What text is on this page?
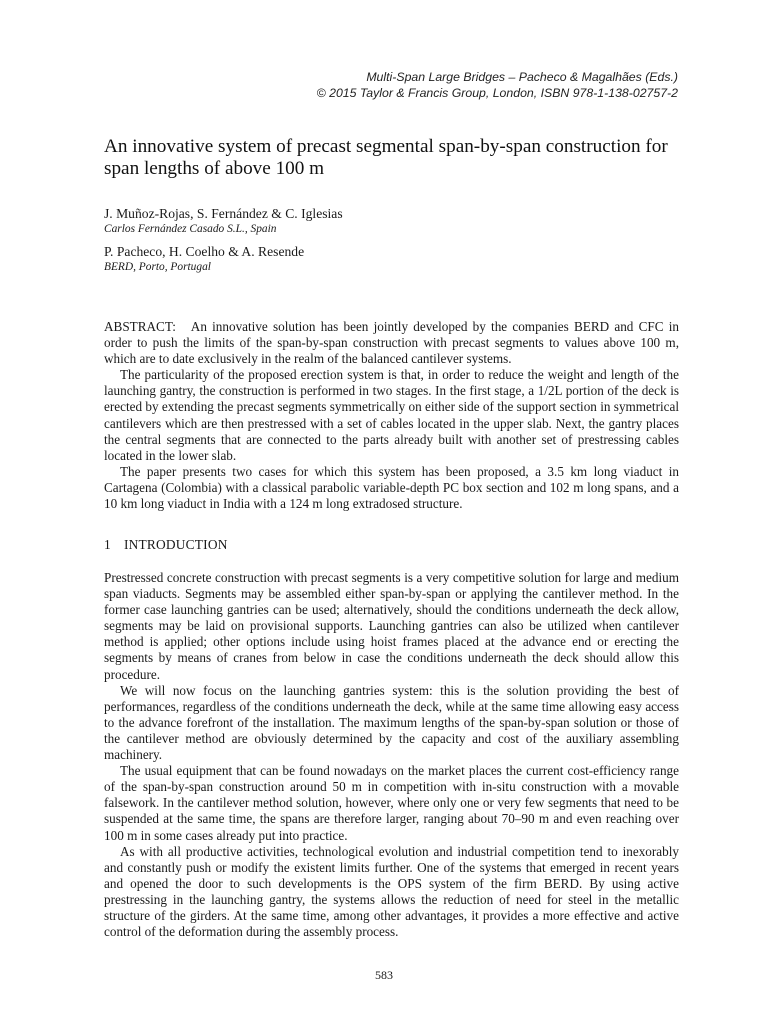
Multi-Span Large Bridges – Pacheco & Magalhães (Eds.)
© 2015 Taylor & Francis Group, London, ISBN 978-1-138-02757-2
An innovative system of precast segmental span-by-span construction for span lengths of above 100 m
J. Muñoz-Rojas, S. Fernández & C. Iglesias
Carlos Fernández Casado S.L., Spain
P. Pacheco, H. Coelho & A. Resende
BERD, Porto, Portugal

ABSTRACT: An innovative solution has been jointly developed by the companies BERD and CFC in order to push the limits of the span-by-span construction with precast segments to values above 100 m, which are to date exclusively in the realm of the balanced cantilever systems.

The particularity of the proposed erection system is that, in order to reduce the weight and length of the launching gantry, the construction is performed in two stages. In the first stage, a 1/2L portion of the deck is erected by extending the precast segments symmetrically on either side of the support section in symmetrical cantilevers which are then prestressed with a set of cables located in the upper slab. Next, the gantry places the central segments that are connected to the parts already built with another set of prestressing cables located in the lower slab.

The paper presents two cases for which this system has been proposed, a 3.5 km long viaduct in Cartagena (Colombia) with a classical parabolic variable-depth PC box section and 102 m long spans, and a 10 km long viaduct in India with a 124 m long extradosed structure.

1 INTRODUCTION

Prestressed concrete construction with precast segments is a very competitive solution for large and medium span viaducts. Segments may be assembled either span-by-span or applying the cantilever method. In the former case launching gantries can be used; alternatively, should the conditions underneath the deck allow, segments may be laid on provisional supports. Launching gantries can also be utilized when cantilever method is applied; other options include using hoist frames placed at the advance end or erecting the segments by means of cranes from below in case the conditions underneath the deck should allow this procedure.

We will now focus on the launching gantries system: this is the solution providing the best of performances, regardless of the conditions underneath the deck, while at the same time allowing easy access to the advance forefront of the installation. The maximum lengths of the span-by-span solution or those of the cantilever method are obviously determined by the capacity and cost of the auxiliary assembling machinery.

The usual equipment that can be found nowadays on the market places the current cost-efficiency range of the span-by-span construction around 50 m in competition with in-situ construction with a movable falsework. In the cantilever method solution, however, where only one or very few segments that need to be suspended at the same time, the spans are therefore larger, ranging about 70–90 m and even reaching over 100 m in some cases already put into practice.

As with all productive activities, technological evolution and industrial competition tend to inexorably and constantly push or modify the existent limits further. One of the systems that emerged in recent years and opened the door to such developments is the OPS system of the firm BERD. By using active prestressing in the launching gantry, the systems allows the reduction of need for steel in the metallic structure of the girders. At the same time, among other advantages, it provides a more effective and active control of the deformation during the assembly process.

583
